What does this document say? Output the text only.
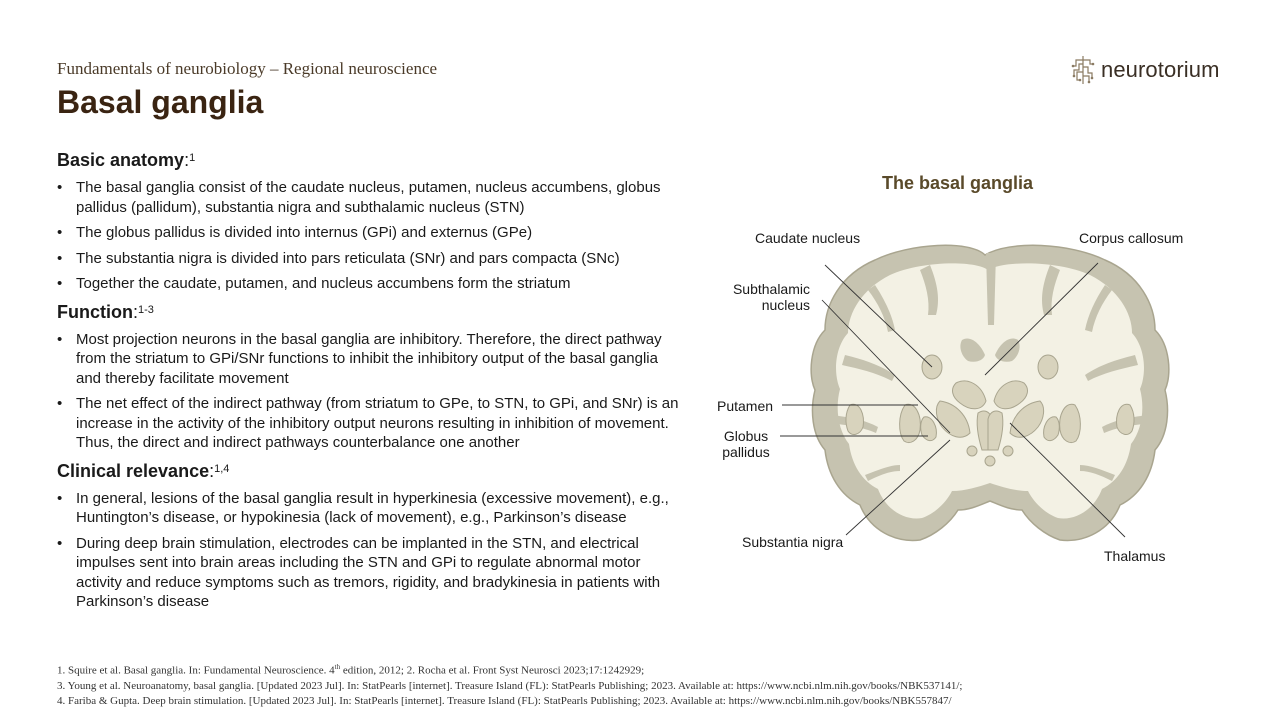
Fundamentals of neurobiology – Regional neuroscience
Basal ganglia
neurotorium
Basic anatomy:$^1$
• The basal ganglia consist of the caudate nucleus, putamen, nucleus accumbens, globus pallidus (pallidum), substantia nigra and subthalamic nucleus (STN)
• The globus pallidus is divided into internus (GPi) and externus (GPe)
• The substantia nigra is divided into pars reticulata (SNr) and pars compacta (SNc)
• Together the caudate, putamen, and nucleus accumbens form the striatum
Function:$^{1-3}$
• Most projection neurons in the basal ganglia are inhibitory. Therefore, the direct pathway from the striatum to GPi/SNr functions to inhibit the inhibitory output of the basal ganglia and thereby facilitate movement
• The net effect of the indirect pathway (from striatum to GPe, to STN, to GPi, and SNr) is an increase in the activity of the inhibitory output neurons resulting in inhibition of movement. Thus, the direct and indirect pathways counterbalance one another
Clinical relevance:$^{1,4}$
• In general, lesions of the basal ganglia result in hyperkinesia (excessive movement), e.g., Huntington’s disease, or hypokinesia (lack of movement), e.g., Parkinson’s disease
• During deep brain stimulation, electrodes can be implanted in the STN, and electrical impulses sent into brain areas including the STN and GPi to regulate abnormal motor activity and reduce symptoms such as tremors, rigidity, and bradykinesia in patients with Parkinson’s disease
The basal ganglia
Caudate nucleus	Corpus callosum
Subthalamic nucleus
Putamen
Globus pallidus
Substantia nigra
Thalamus
1. Squire et al. Basal ganglia. In: Fundamental Neuroscience. 4th edition, 2012; 2. Rocha et al. Front Syst Neurosci 2023;17:1242929;
3. Young et al. Neuroanatomy, basal ganglia. [Updated 2023 Jul]. In: StatPearls [internet]. Treasure Island (FL): StatPearls Publishing; 2023. Available at: https://www.ncbi.nlm.nih.gov/books/NBK537141/;
4. Fariba & Gupta. Deep brain stimulation. [Updated 2023 Jul]. In: StatPearls [internet]. Treasure Island (FL): StatPearls Publishing; 2023. Available at: https://www.ncbi.nlm.nih.gov/books/NBK557847/
